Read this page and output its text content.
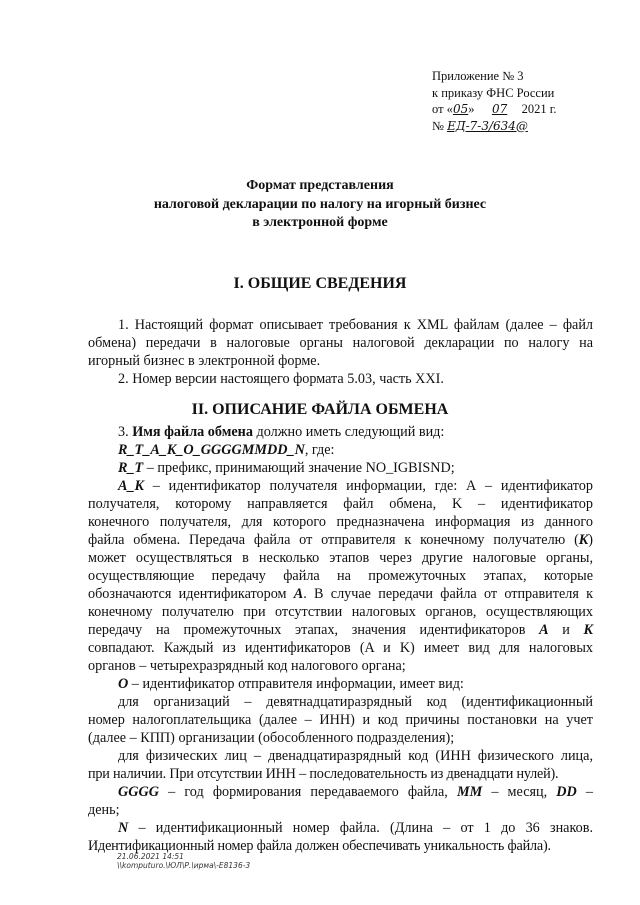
Приложение № 3
к приказу ФНС России
от «05» 07 2021 г.
№ ЕД-7-3/634@
Формат представления
налоговой декларации по налогу на игорный бизнес
в электронной форме
I. ОБЩИЕ СВЕДЕНИЯ
1. Настоящий формат описывает требования к XML файлам (далее – файл
обмена) передачи в налоговые органы налоговой декларации по налогу на
игорный бизнес в электронной форме.
2. Номер версии настоящего формата 5.03, часть XXI.
II. ОПИСАНИЕ ФАЙЛА ОБМЕНА
3. Имя файла обмена должно иметь следующий вид:
R_T_A_K_O_GGGGMMDD_N, где:
R_T – префикс, принимающий значение NO_IGBISND;
A_K – идентификатор получателя информации, где: А – идентификатор
получателя, которому направляется файл обмена, K – идентификатор
конечного получателя, для которого предназначена информация из данного
файла обмена. Передача файла от отправителя к конечному получателю (K)
может осуществляться в несколько этапов через другие налоговые органы,
осуществляющие передачу файла на промежуточных этапах, которые
обозначаются идентификатором А. В случае передачи файла от отправителя к
конечному получателю при отсутствии налоговых органов, осуществляющих
передачу на промежуточных этапах, значения идентификаторов А и K
совпадают. Каждый из идентификаторов (A и K) имеет вид для налоговых
органов – четырехразрядный код налогового органа;
O – идентификатор отправителя информации, имеет вид:
для организаций – девятнадцатиразрядный код (идентификационный
номер налогоплательщика (далее – ИНН) и код причины постановки на учет
(далее – КПП) организации (обособленного подразделения);
для физических лиц – двенадцатиразрядный код (ИНН физического лица,
при наличии. При отсутствии ИНН – последовательность из двенадцати нулей).
GGGG – год формирования передаваемого файла, MM – месяц, DD –
день;
N – идентификационный номер файла. (Длина – от 1 до 36 знаков.
Идентификационный номер файла должен обеспечивать уникальность файла).
21.06.2021 14:51
\\komputuro.\ЮЛ\Р.\ирма\-Е8136-3
